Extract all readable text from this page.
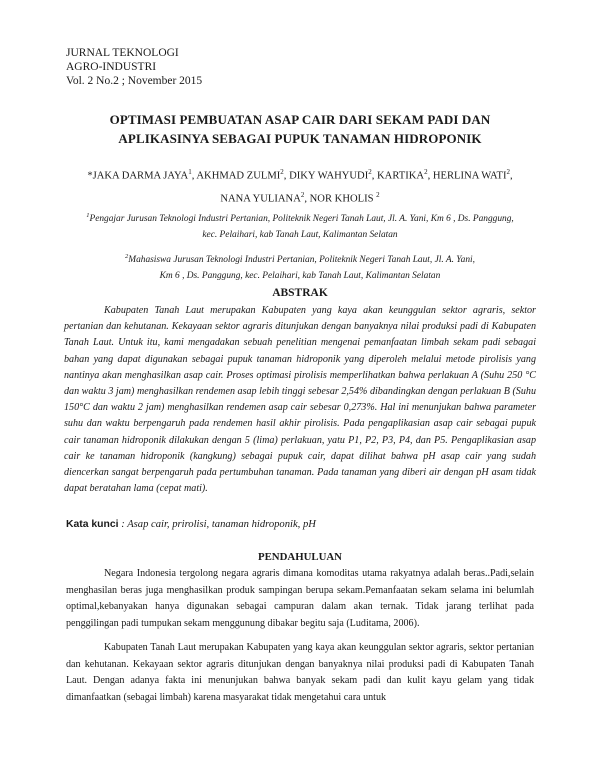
JURNAL TEKNOLOGI
AGRO-INDUSTRI
Vol. 2 No.2 ; November 2015
OPTIMASI PEMBUATAN ASAP CAIR DARI SEKAM PADI DAN
APLIKASINYA SEBAGAI PUPUK TANAMAN HIDROPONIK
*JAKA DARMA JAYA$^1$, AKHMAD ZULMI$^2$, DIKY WAHYUDI$^2$, KARTIKA$^2$, HERLINA WATI$^2$,
NANA YULIANA$^2$, NOR KHOLIS $^2$
$^1$Pengajar Jurusan Teknologi Industri Pertanian, Politeknik Negeri Tanah Laut, Jl. A. Yani, Km 6 , Ds. Panggung,
kec. Pelaihari, kab Tanah Laut, Kalimantan Selatan
$^2$Mahasiswa Jurusan Teknologi Industri Pertanian, Politeknik Negeri Tanah Laut, Jl. A. Yani,
Km 6 , Ds. Panggung, kec. Pelaihari, kab Tanah Laut, Kalimantan Selatan
ABSTRAK

Kabupaten Tanah Laut merupakan Kabupaten yang kaya akan keunggulan sektor agraris, sektor pertanian dan kehutanan. Kekayaan sektor agraris ditunjukan dengan banyaknya nilai produksi padi di Kabupaten Tanah Laut. Untuk itu, kami mengadakan sebuah penelitian mengenai pemanfaatan limbah sekam padi sebagai bahan yang dapat digunakan sebagai pupuk tanaman hidroponik yang diperoleh melalui metode pirolisis yang nantinya akan menghasilkan asap cair. Proses optimasi pirolisis memperlihatkan bahwa perlakuan A (Suhu 250 °C dan waktu 3 jam) menghasilkan rendemen asap lebih tinggi sebesar 2,54% dibandingkan dengan perlakuan B (Suhu 150°C dan waktu 2 jam) menghasilkan rendemen asap cair sebesar 0,273%. Hal ini menunjukan bahwa parameter suhu dan waktu berpengaruh pada rendemen hasil akhir pirolisis. Pada pengaplikasian asap cair sebagai pupuk cair tanaman hidroponik dilakukan dengan 5 (lima) perlakuan, yatu P1, P2, P3, P4, dan P5. Pengaplikasian asap cair ke tanaman hidroponik (kangkung) sebagai pupuk cair, dapat dilihat bahwa pH asap cair yang sudah diencerkan sangat berpengaruh pada pertumbuhan tanaman. Pada tanaman yang diberi air dengan pH asam tidak dapat beratahan lama (cepat mati).

Kata kunci : Asap cair, prirolisi, tanaman hidroponik, pH
PENDAHULUAN

Negara Indonesia tergolong negara agraris dimana komoditas utama rakyatnya adalah beras..Padi,selain menghasilan beras juga menghasilkan produk sampingan berupa sekam.Pemanfaatan sekam selama ini belumlah optimal,kebanyakan hanya digunakan sebagai campuran dalam akan ternak. Tidak jarang terlihat pada penggilingan padi tumpukan sekam menggunung dibakar begitu saja (Luditama, 2006).

Kabupaten Tanah Laut merupakan Kabupaten yang kaya akan keunggulan sektor agraris, sektor pertanian dan kehutanan. Kekayaan sektor agraris ditunjukan dengan banyaknya nilai produksi padi di Kabupaten Tanah Laut. Dengan adanya fakta ini menunjukan bahwa banyak sekam padi dan kulit kayu gelam yang tidak dimanfaatkan (sebagai limbah) karena masyarakat tidak mengetahui cara untuk
